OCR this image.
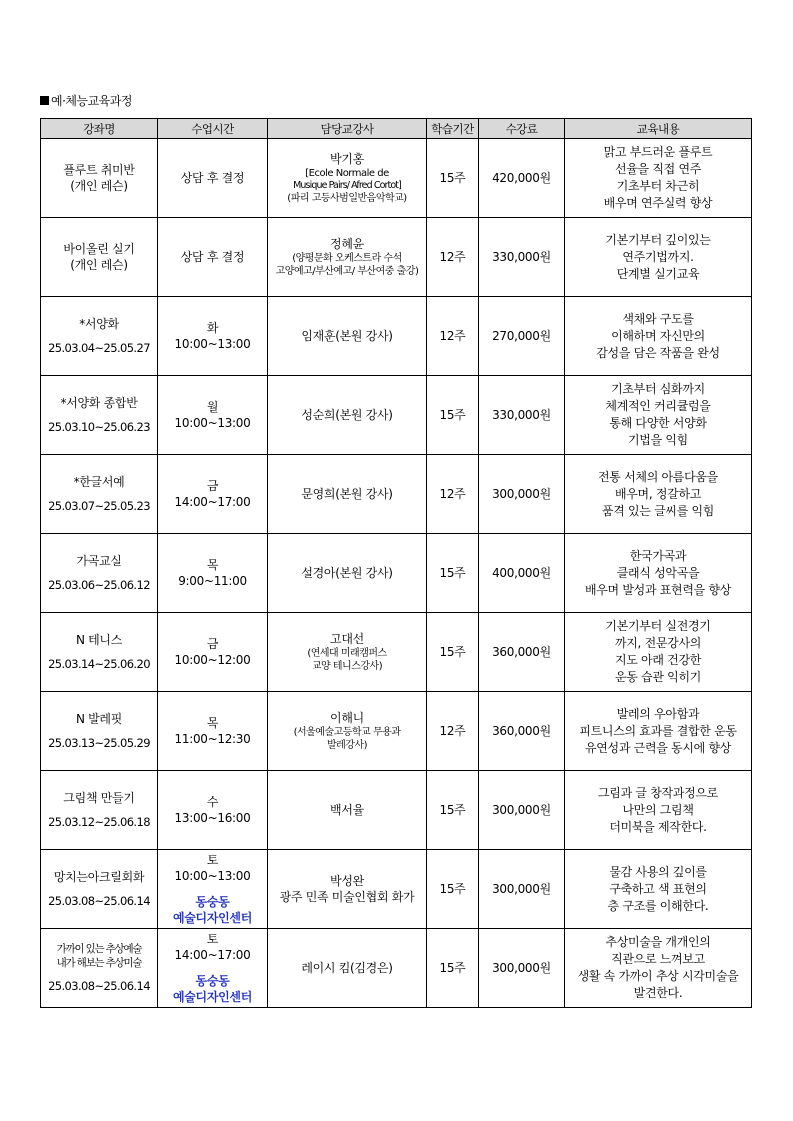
예·체능교육과정
강좌명	수업시간	담당교강사	학습기간	수강료	교육내용

플루트 취미반
(개인 레슨)	상담 후 결정	박기홍
[Ecole Normale de
Musique Pairs/ Afred Cortot]
(파리 고등사범일반음악학교)	15주	420,000원	맑고 부드러운 플루트
선율을 직접 연주
기초부터 차근히
배우며 연주실력 향상

바이올린 실기
(개인 레슨)	상담 후 결정	정혜윤
(양평문화 오케스트라 수석
고양예고/부산예고/ 부산여중 출강)	12주	330,000원	기본기부터 깊이있는
연주기법까지.
단계별 실기교육

*서양화
25.03.04~25.05.27	화
10:00~13:00	임재훈(본원 강사)	12주	270,000원	색채와 구도를
이해하며 자신만의
감성을 담은 작품을 완성

*서양화 종합반
25.03.10~25.06.23	월
10:00~13:00	성순희(본원 강사)	15주	330,000원	기초부터 심화까지
체계적인 커리큘럼을
통해 다양한 서양화
기법을 익힘

*한글서예
25.03.07~25.05.23	금
14:00~17:00	문영희(본원 강사)	12주	300,000원	전통 서체의 아름다움을
배우며, 정갈하고
품격 있는 글씨를 익힘

가곡교실
25.03.06~25.06.12	목
9:00~11:00	설경아(본원 강사)	15주	400,000원	한국가곡과
클래식 성악곡을
배우며 발성과 표현력을 향상

N 테니스
25.03.14~25.06.20	금
10:00~12:00	고대선
(연세대 미래캠퍼스
교양 테니스강사)	15주	360,000원	기본기부터 실전경기
까지, 전문강사의
지도 아래 건강한
운동 습관 익히기

N 발레핏
25.03.13~25.05.29	목
11:00~12:30	이해니
(서울예술고등학교 무용과
발레강사)	12주	360,000원	발레의 우아함과
피트니스의 효과를 결합한 운동
유연성과 근력을 동시에 향상

그림책 만들기
25.03.12~25.06.18	수
13:00~16:00	백서율	15주	300,000원	그림과 글 창작과정으로
나만의 그림책
더미북을 제작한다.

망치는아크릴회화
25.03.08~25.06.14	토
10:00~13:00
동숭동
예술디자인센터	박성완
광주 민족 미술인협회 화가	15주	300,000원	물감 사용의 깊이를
구축하고 색 표현의
층 구조를 이해한다.

가까이 있는 추상예술
내가 해보는 추상미술
25.03.08~25.06.14	토
14:00~17:00
동숭동
예술디자인센터	레이시 킴(김경은)	15주	300,000원	추상미술을 개개인의
직관으로 느껴보고
생활 속 가까이 추상 시각미술을
발견한다.
